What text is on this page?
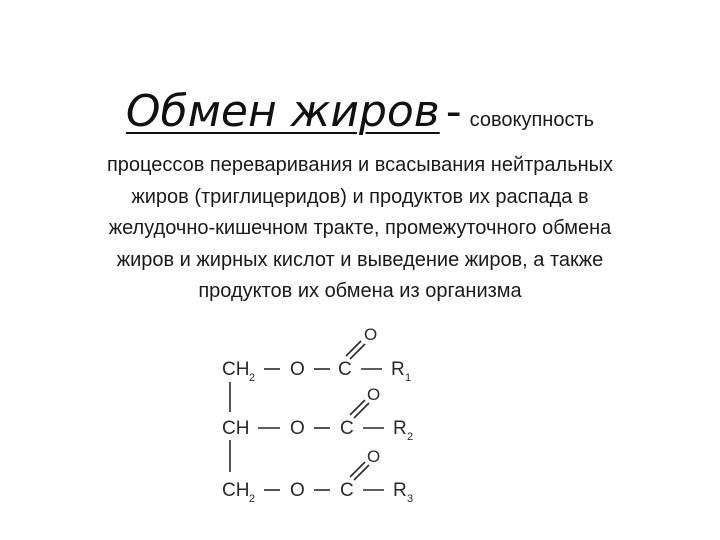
Обмен жиров - совокупность
процессов переваривания и всасывания нейтральных
жиров (триглицеридов) и продуктов их распада в
желудочно-кишечном тракте, промежуточного обмена
жиров и жирных кислот и выведение жиров, а также
продуктов их обмена из организма
CH 2 O C R 1
O
CH O C R 2
O
CH 2 O C R 3
O
